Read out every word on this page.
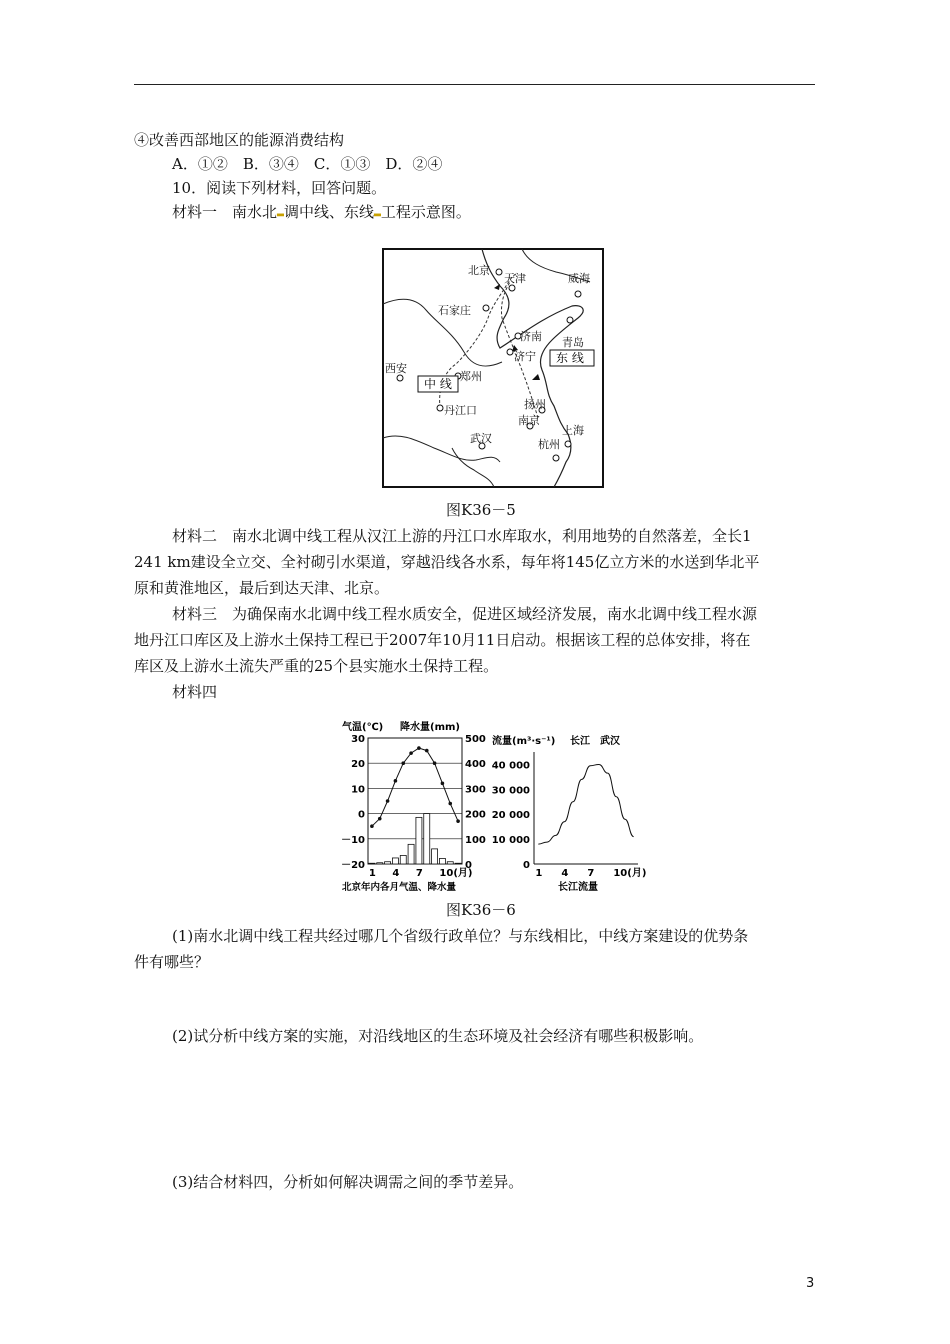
④改善西部地区的能源消费结构
A．①②　B．③④　C．①③　D．②④
10．阅读下列材料，回答问题。
材料一　南水北▂调中线、东线▂工程示意图。
北京
天津
石家庄
威海
济南 青岛
济宁
西安
郑州
丹江口	扬州
南京
武汉
上海
杭州
中 线
东 线
图K36－5
材料二　南水北调中线工程从汉江上游的丹江口水库取水，利用地势的自然落差，全长1
241 km建设全立交、全衬砌引水渠道，穿越沿线各水系，每年将145亿立方米的水送到华北平
原和黄淮地区，最后到达天津、北京。
材料三　为确保南水北调中线工程水质安全，促进区域经济发展，南水北调中线工程水源
地丹江口库区及上游水土保持工程已于2007年10月11日启动。根据该工程的总体安排，将在
库区及上游水土流失严重的25个县实施水土保持工程。
材料四
气温(℃) 降水量(mm)
30
20
10
0
－10
－20
500
400
300
200
100
0
1 4 7 10(月)
北京年内各月气温、降水量
流量(m³·s⁻¹) 长江　武汉
40 000
30 000
20 000
10 000
0
1 4 7 10(月)
长江流量
图K36－6
(1)南水北调中线工程共经过哪几个省级行政单位？与东线相比，中线方案建设的优势条
件有哪些？
(2)试分析中线方案的实施，对沿线地区的生态环境及社会经济有哪些积极影响。
(3)结合材料四，分析如何解决调需之间的季节差异。
3
